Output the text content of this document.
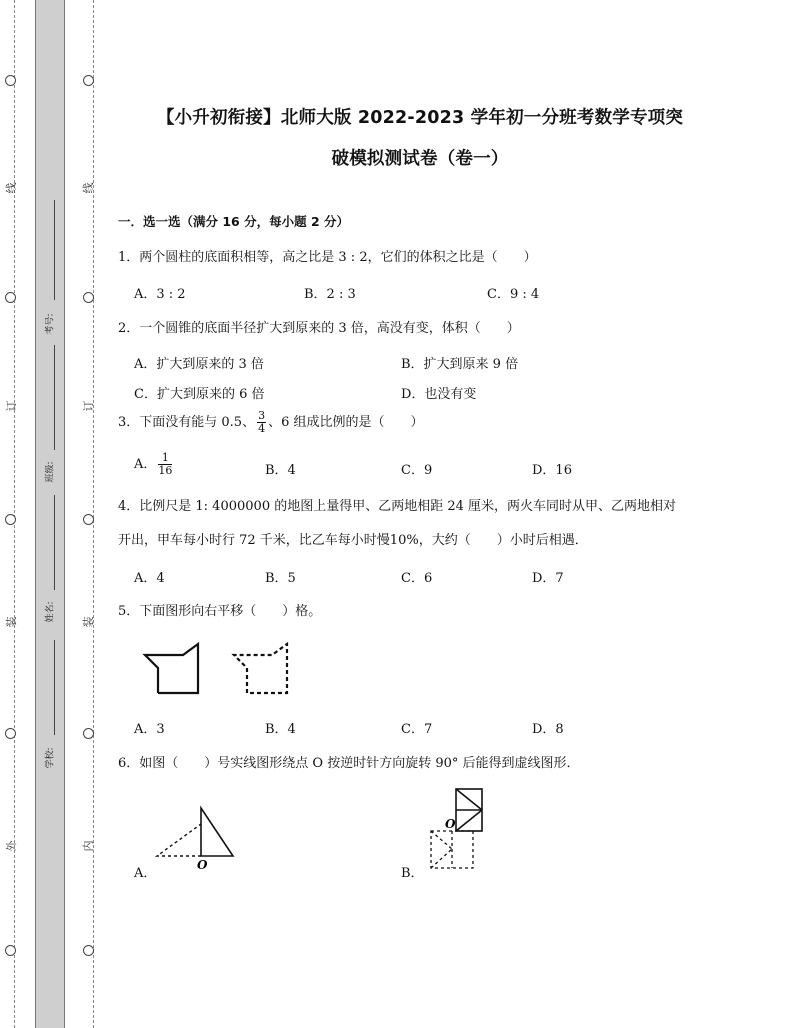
线
订
装
外
线
订
装
内
考号:
班级:
姓名:
学校:
【小升初衔接】北师大版 2022-2023 学年初一分班考数学专项突
破模拟测试卷（卷一）
一．选一选（满分 16 分，每小题 2 分）
1．两个圆柱的底面积相等，高之比是 3 : 2，它们的体积之比是（　　）
A．3 : 2	B．2 : 3	C．9 : 4
2．一个圆锥的底面半径扩大到原来的 3 倍，高没有变，体积（　　）
A．扩大到原来的 3 倍	B．扩大到原来 9 倍
C．扩大到原来的 6 倍	D．也没有变
3．下面没有能与 0.5、 $\frac{3}{4}$ 、6 组成比例的是（　　）
A． $\frac{1}{16}$	B．4	C．9	D．16
4．比例尺是 1: 4000000 的地图上量得甲、乙两地相距 24 厘米，两火车同时从甲、乙两地相对
开出，甲车每小时行 72 千米，比乙车每小时慢10%，大约（　　）小时后相遇．
A．4	B．5	C．6	D．7
5．下面图形向右平移（　　）格。
A．3	B．4	C．7	D．8
6．如图（　　）号实线图形绕点 O 按逆时针方向旋转 90° 后能得到虚线图形．
O
A．
O
B．
